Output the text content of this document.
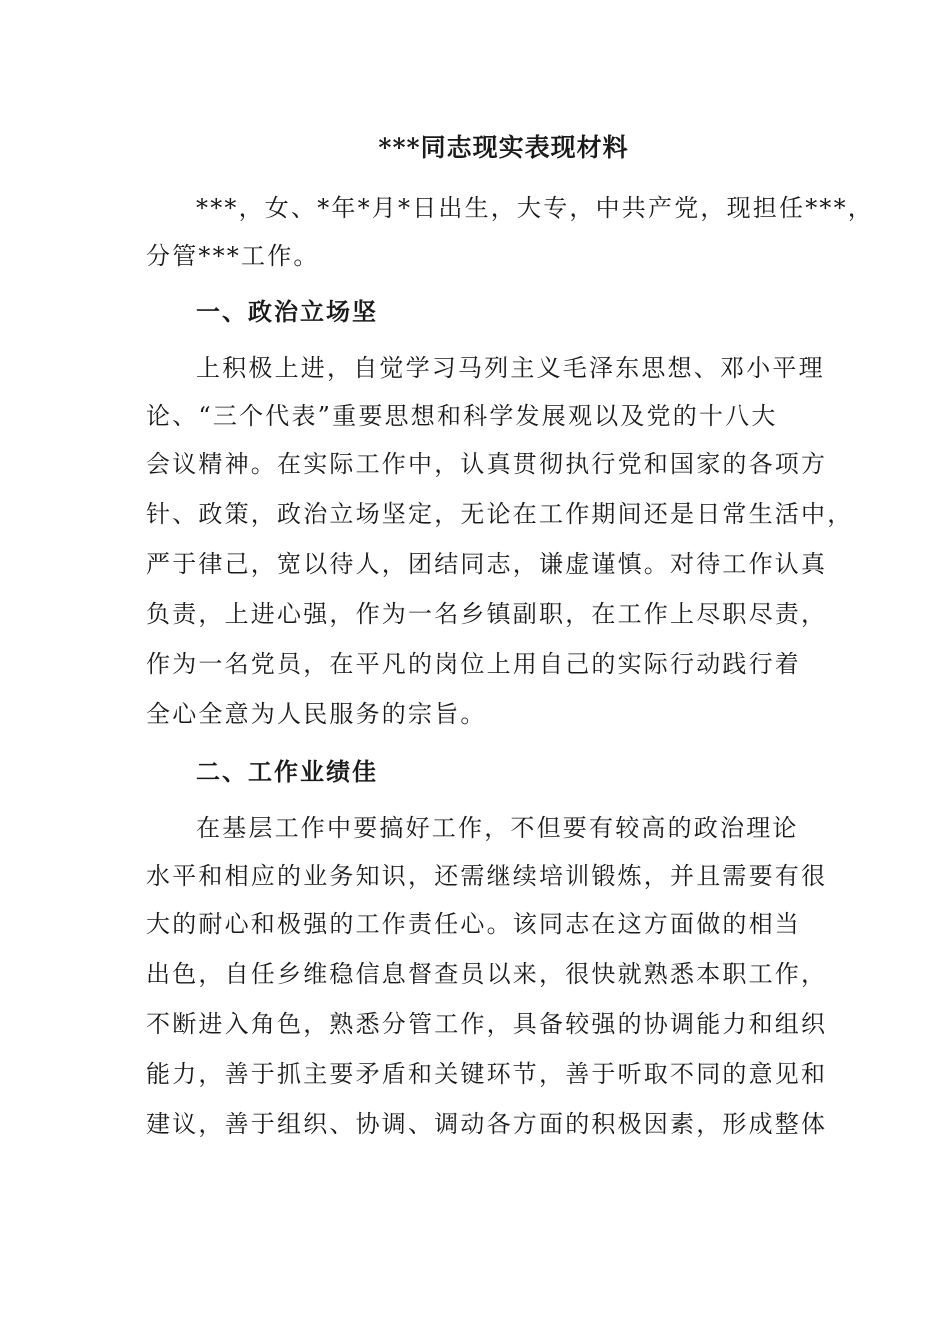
***同志现实表现材料

***，女、*年*月*日出生，大专，中共产党，现担任***，

分管***工作。

一、政治立场坚

上积极上进，自觉学习马列主义毛泽东思想、邓小平理

论、“三个代表”重要思想和科学发展观以及党的十八大

会议精神。在实际工作中，认真贯彻执行党和国家的各项方

针、政策，政治立场坚定，无论在工作期间还是日常生活中，

严于律己，宽以待人，团结同志，谦虚谨慎。对待工作认真

负责，上进心强，作为一名乡镇副职，在工作上尽职尽责，

作为一名党员，在平凡的岗位上用自己的实际行动践行着

全心全意为人民服务的宗旨。

二、工作业绩佳

在基层工作中要搞好工作，不但要有较高的政治理论

水平和相应的业务知识，还需继续培训锻炼，并且需要有很

大的耐心和极强的工作责任心。该同志在这方面做的相当

出色，自任乡维稳信息督查员以来，很快就熟悉本职工作，

不断进入角色，熟悉分管工作，具备较强的协调能力和组织

能力，善于抓主要矛盾和关键环节，善于听取不同的意见和

建议，善于组织、协调、调动各方面的积极因素，形成整体
